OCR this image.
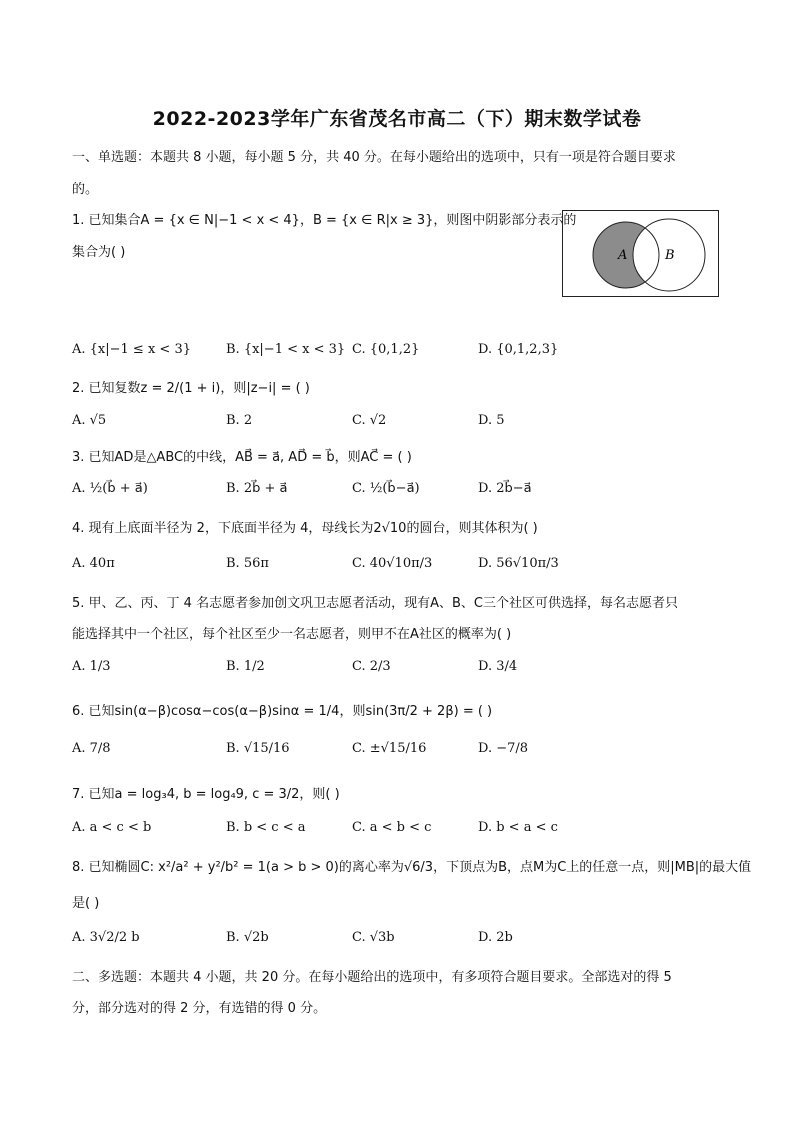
2022-2023学年广东省茂名市高二（下）期末数学试卷
一、单选题：本题共 8 小题，每小题 5 分，共 40 分。在每小题给出的选项中，只有一项是符合题目要求
的。
1. 已知集合A = {x ∈ N|−1 < x < 4}，B = {x ∈ R|x ≥ 3}，则图中阴影部分表示的
集合为( )	A	B
A. {x|−1 ≤ x < 3}	B. {x|−1 < x < 3} C. {0,1,2}	D. {0,1,2,3}
2. 已知复数z = 2/(1 + i)，则|z−i| = ( )
A. √5	B. 2	C. √2	D. 5
3. 已知AD是△ABC的中线，AB⃗ = a⃗, AD⃗ = b⃗，则AC⃗ = ( )
A. ½(b⃗ + a⃗)	B. 2b⃗ + a⃗	C. ½(b⃗−a⃗)	D. 2b⃗−a⃗
4. 现有上底面半径为 2，下底面半径为 4，母线长为2√10的圆台，则其体积为( )
A. 40π	B. 56π	C. 40√10π/3	D. 56√10π/3
5. 甲、乙、丙、丁 4 名志愿者参加创文巩卫志愿者活动，现有A、B、C三个社区可供选择，每名志愿者只
能选择其中一个社区，每个社区至少一名志愿者，则甲不在A社区的概率为( )
A. 1/3	B. 1/2	C. 2/3	D. 3/4
6. 已知sin(α−β)cosα−cos(α−β)sinα = 1/4，则sin(3π/2 + 2β) = ( )
A. 7/8	B. √15/16	C. ±√15/16	D. −7/8
7. 已知a = log₃4, b = log₄9, c = 3/2，则( )
A. a < c < b	B. b < c < a	C. a < b < c	D. b < a < c
8. 已知椭圆C: x²/a² + y²/b² = 1(a > b > 0)的离心率为√6/3，下顶点为B，点M为C上的任意一点，则|MB|的最大值
是( )
A. 3√2/2 b	B. √2b	C. √3b	D. 2b
二、多选题：本题共 4 小题，共 20 分。在每小题给出的选项中，有多项符合题目要求。全部选对的得 5
分，部分选对的得 2 分，有选错的得 0 分。
